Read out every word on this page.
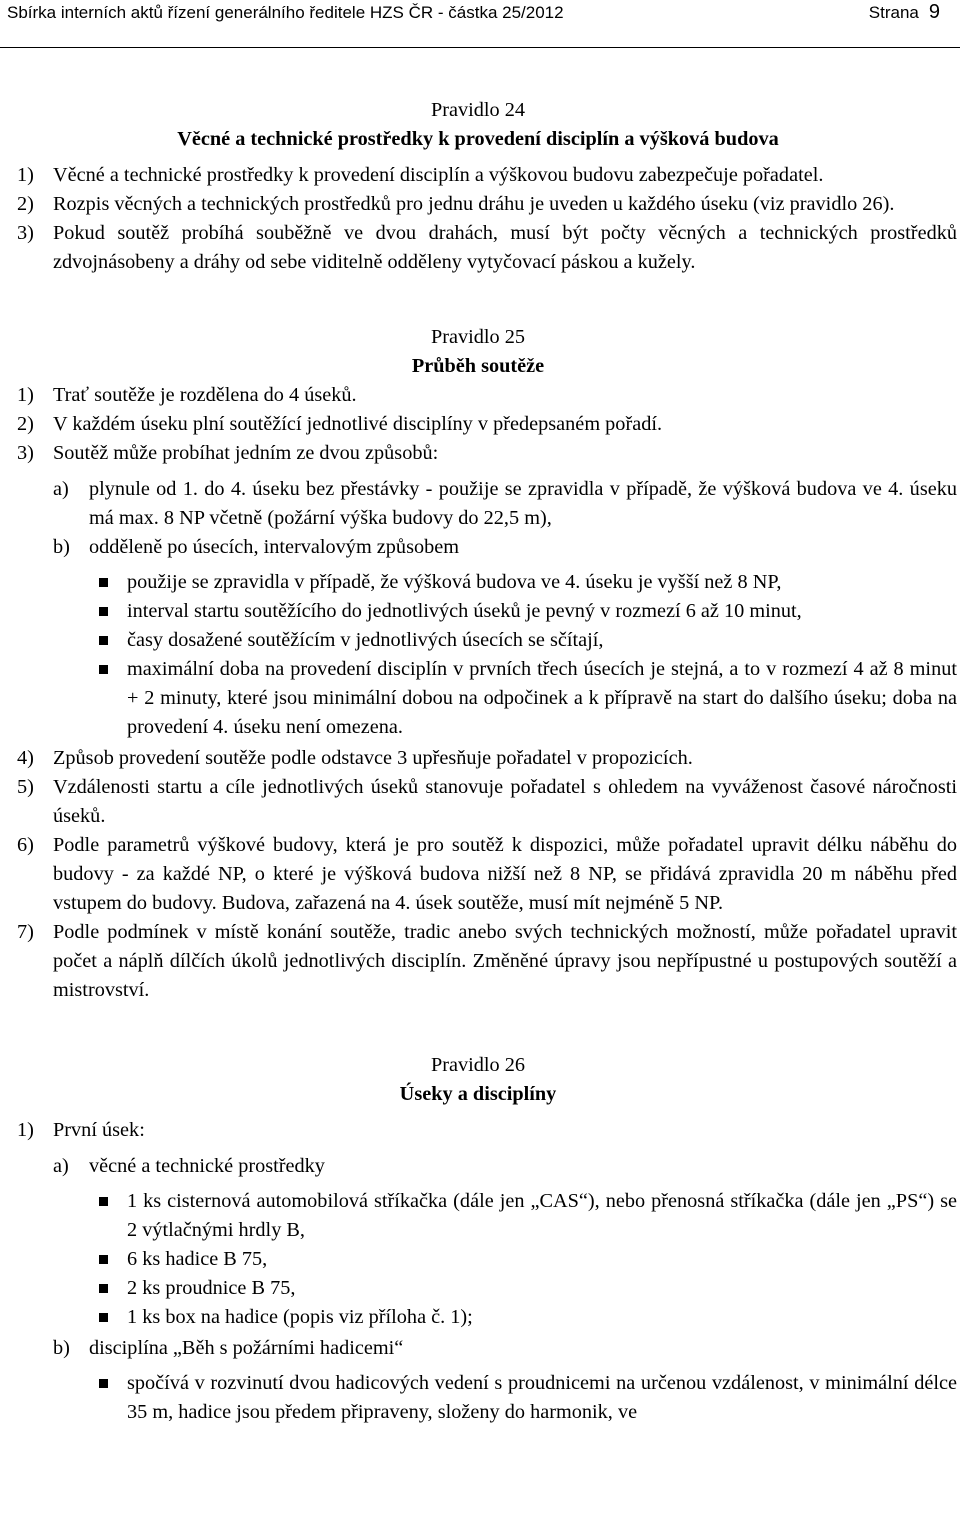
Sbírka interních aktů řízení generálního ředitele HZS ČR - částka 25/2012	Strana 9
Pravidlo 24
Věcné a technické prostředky k provedení disciplín a výšková budova
1) Věcné a technické prostředky k provedení disciplín a výškovou budovu zabezpečuje pořadatel.
2) Rozpis věcných a technických prostředků pro jednu dráhu je uveden u každého úseku (viz pravidlo 26).
3) Pokud soutěž probíhá souběžně ve dvou drahách, musí být počty věcných a technických prostředků zdvojnásobeny a dráhy od sebe viditelně odděleny vytyčovací páskou a kužely.
Pravidlo 25
Průběh soutěže
1) Trať soutěže je rozdělena do 4 úseků.
2) V každém úseku plní soutěžící jednotlivé disciplíny v předepsaném pořadí.
3) Soutěž může probíhat jedním ze dvou způsobů:
a) plynule od 1. do 4. úseku bez přestávky - použije se zpravidla v případě, že výšková budova ve 4. úseku má max. 8 NP včetně (požární výška budovy do 22,5 m),
b) odděleně po úsecích, intervalovým způsobem
použije se zpravidla v případě, že výšková budova ve 4. úseku je vyšší než 8 NP,
interval startu soutěžícího do jednotlivých úseků je pevný v rozmezí 6 až 10 minut,
časy dosažené soutěžícím v jednotlivých úsecích se sčítají,
maximální doba na provedení disciplín v prvních třech úsecích je stejná, a to v rozmezí 4 až 8 minut + 2 minuty, které jsou minimální dobou na odpočinek a k přípravě na start do dalšího úseku; doba na provedení 4. úseku není omezena.
4) Způsob provedení soutěže podle odstavce 3 upřesňuje pořadatel v propozicích.
5) Vzdálenosti startu a cíle jednotlivých úseků stanovuje pořadatel s ohledem na vyváženost časové náročnosti úseků.
6) Podle parametrů výškové budovy, která je pro soutěž k dispozici, může pořadatel upravit délku náběhu do budovy - za každé NP, o které je výšková budova nižší než 8 NP, se přidává zpravidla 20 m náběhu před vstupem do budovy. Budova, zařazená na 4. úsek soutěže, musí mít nejméně 5 NP.
7) Podle podmínek v místě konání soutěže, tradic anebo svých technických možností, může pořadatel upravit počet a náplň dílčích úkolů jednotlivých disciplín. Změněné úpravy jsou nepřípustné u postupových soutěží a mistrovství.
Pravidlo 26
Úseky a disciplíny
1) První úsek:
a) věcné a technické prostředky
1 ks cisternová automobilová stříkačka (dále jen „CAS“), nebo přenosná stříkačka (dále jen „PS“) se 2 výtlačnými hrdly B,
6 ks hadice B 75,
2 ks proudnice B 75,
1 ks box na hadice (popis viz příloha č. 1);
b) disciplína „Běh s požárními hadicemi“
spočívá v rozvinutí dvou hadicových vedení s proudnicemi na určenou vzdálenost, v minimální délce 35 m, hadice jsou předem připraveny, složeny do harmonik, ve
